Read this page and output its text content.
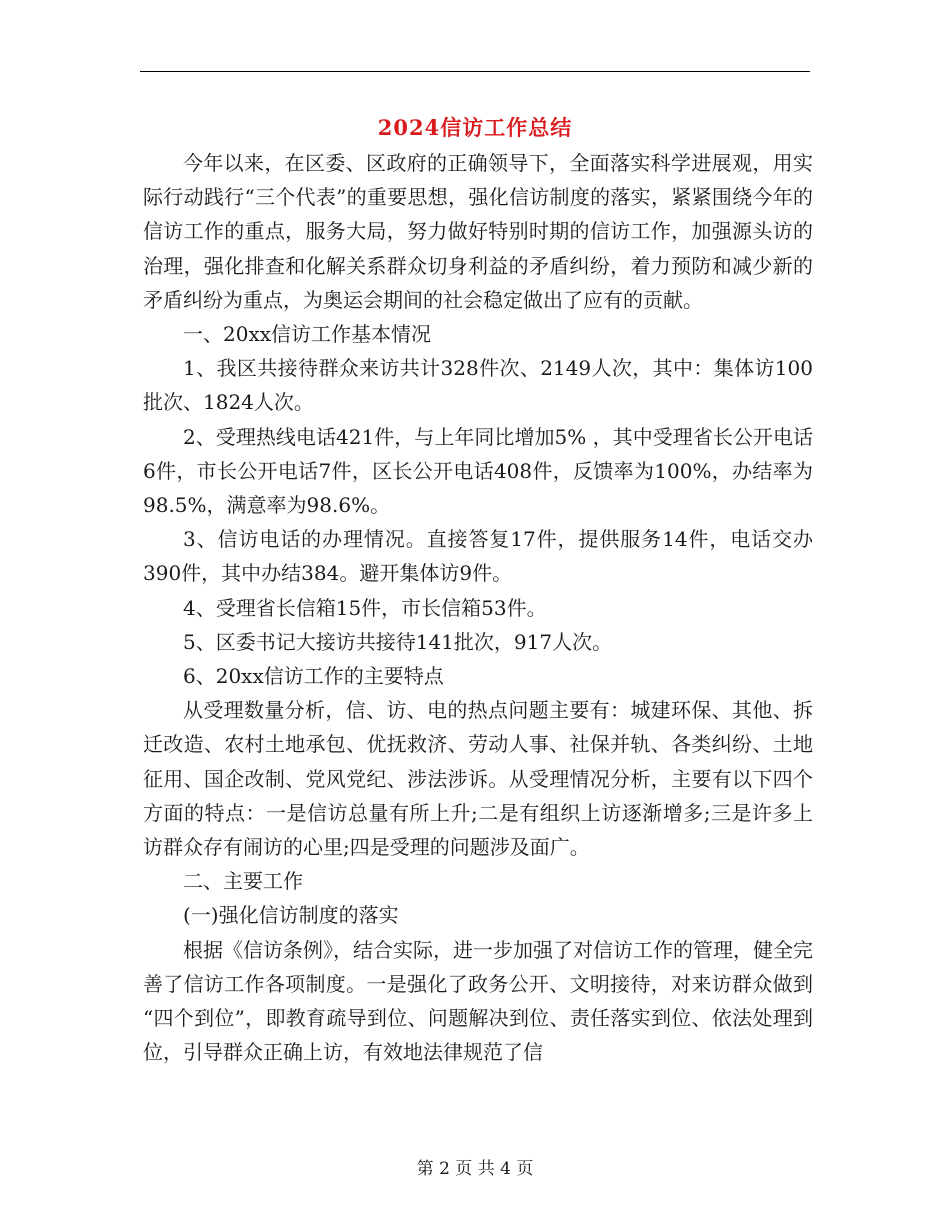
2024信访工作总结

今年以来，在区委、区政府的正确领导下，全面落实科学进展观，用实际行动践行“三个代表”的重要思想，强化信访制度的落实，紧紧围绕今年的信访工作的重点，服务大局，努力做好特别时期的信访工作，加强源头访的治理，强化排查和化解关系群众切身利益的矛盾纠纷，着力预防和减少新的矛盾纠纷为重点，为奥运会期间的社会稳定做出了应有的贡献。

一、20xx信访工作基本情况

1、我区共接待群众来访共计328件次、2149人次，其中：集体访100批次、1824人次。

2、受理热线电话421件，与上年同比增加5% ，其中受理省长公开电话6件，市长公开电话7件，区长公开电话408件，反馈率为100%，办结率为98.5%，满意率为98.6%。

3、信访电话的办理情况。直接答复17件，提供服务14件，电话交办390件，其中办结384。避开集体访9件。

4、受理省长信箱15件，市长信箱53件。

5、区委书记大接访共接待141批次，917人次。

6、20xx信访工作的主要特点

从受理数量分析，信、访、电的热点问题主要有：城建环保、其他、拆迁改造、农村土地承包、优抚救济、劳动人事、社保并轨、各类纠纷、土地征用、国企改制、党风党纪、涉法涉诉。从受理情况分析，主要有以下四个方面的特点：一是信访总量有所上升;二是有组织上访逐渐增多;三是许多上访群众存有闹访的心里;四是受理的问题涉及面广。

二、主要工作

(一)强化信访制度的落实

根据《信访条例》，结合实际，进一步加强了对信访工作的管理，健全完善了信访工作各项制度。一是强化了政务公开、文明接待，对来访群众做到 “四个到位”，即教育疏导到位、问题解决到位、责任落实到位、依法处理到位，引导群众正确上访，有效地法律规范了信

第 2 页 共 4 页
